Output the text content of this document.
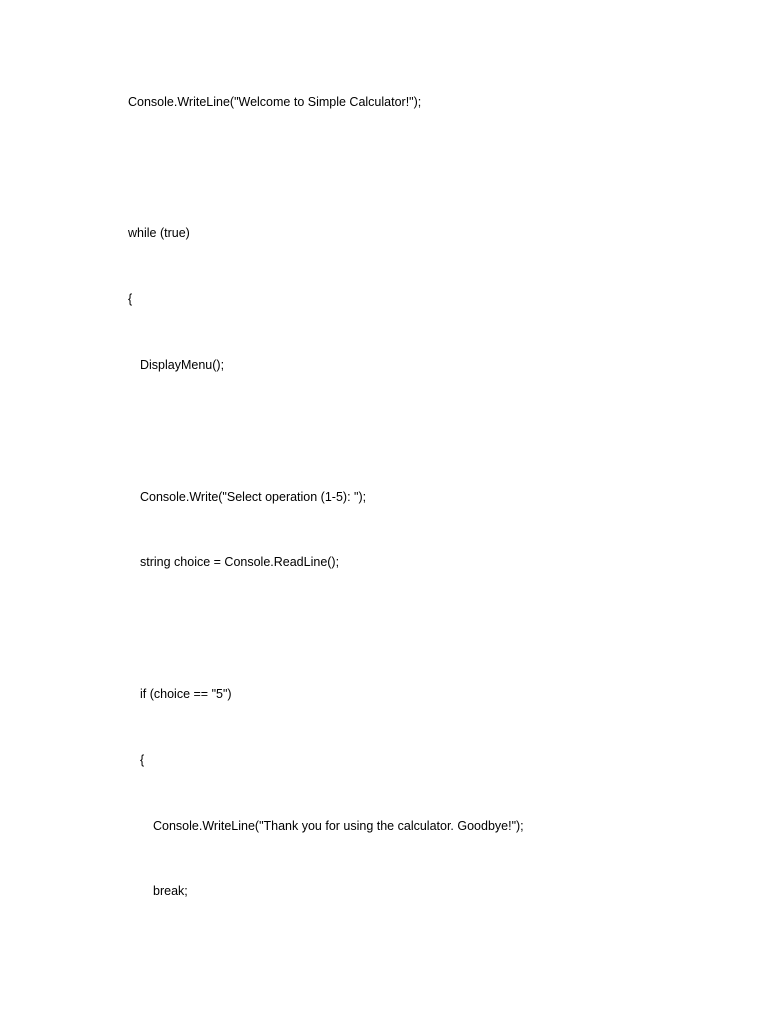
Console.WriteLine("Welcome to Simple Calculator!");
while (true)
{
DisplayMenu();
Console.Write("Select operation (1-5): ");
string choice = Console.ReadLine();
if (choice == "5")
{
Console.WriteLine("Thank you for using the calculator. Goodbye!");
break;
